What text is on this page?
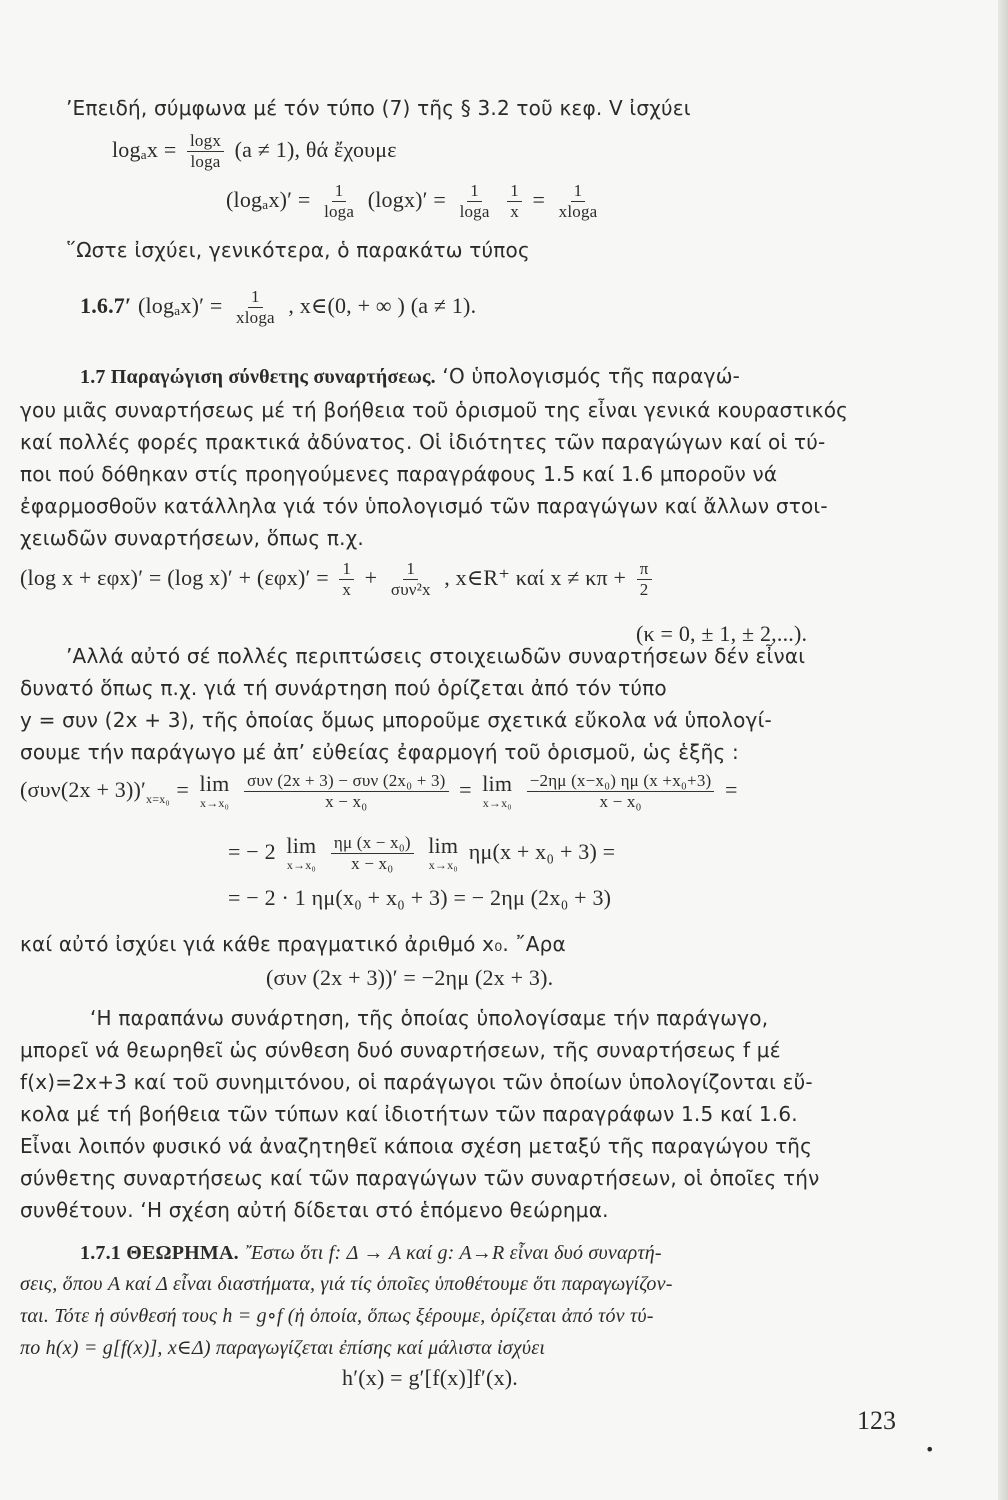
’Επειδή, σύμφωνα μέ τόν τύπο (7) τῆς § 3.2 τοῦ κεφ. V ἰσχύει
$\log_ax = \frac{\log x}{\log a} (a \ne 1)$, θά ἔχουμε
$(\log_ax)' = \frac{1}{\log a} (\log x)' = \frac{1}{\log a}$
$\frac{1}{x} = \frac{1}{xloga}$
῞Ωστε ἰσχύει, γενικότερα, ὁ παρακάτω τύπος
1.6.7′ $(\log_ax)' = \frac{1}{xloga}$ , x∈(0, + ∞ ) (a ≠ 1).
1.7 Παραγώγιση σύνθετης συναρτήσεως. ‘Ο ὑπολογισμός τῆς παραγώ-
γου μιᾶς συναρτήσεως μέ τή βοήθεια τοῦ ὁρισμοῦ της εἶναι γενικά κουραστικός
καί πολλές φορές πρακτικά ἀδύνατος. Οἱ ἰδιότητες τῶν παραγώγων καί οἱ τύ-
ποι πού δόθηκαν στίς προηγούμενες παραγράφους 1.5 καί 1.6 μποροῦν νά
ἐφαρμοσθοῦν κατάλληλα γιά τόν ὑπολογισμό τῶν παραγώγων καί ἄλλων στοι-
χειωδῶν συναρτήσεων, ὅπως π.χ.
(log x + εφx)′ = (log $x)' + (\varepsilon\varphi x)' = \frac{1}{x} + \frac{1}{\text{συν²x}}$ , x∈R⁺ καί $x \ne \kappa\pi + \frac{\pi}{2}$
(κ = 0, ± 1, ± 2,...).
’Αλλά αὐτό σέ πολλές περιπτώσεις στοιχειωδῶν συναρτήσεων δέν εἶναι
δυνατό ὅπως π.χ. γιά τή συνάρτηση πού ὁρίζεται ἀπό τόν τύπο
y = συν (2x + 3), τῆς ὁποίας ὅμως μποροῦμε σχετικά εὔκολα νά ὑπολογί-
σουμε τήν παράγωγο μέ ἀπ’ εὐθείας ἐφαρμογή τοῦ ὁρισμοῦ, ὡς ἑξῆς :
$(\sigma\upsilon\nu(2x + 3))'_{x=x_0} = \lim$
x→x₀
$\frac{\text{συν (2x + 3) − συν (2x₀ + 3)}}{\text{x − x₀}} = \lim$
x→x₀
$\frac{\text{−2ημ (x−x₀) ημ (x +x₀+3)}}{\text{x − x₀}}$ =
= − 2 lim
x→x₀
$\frac{\text{ημ (x − x₀)}}{\text{x − x₀}}$
lim
x→x₀
ημ(x + x₀ + 3) =
= − 2 · 1 ημ(x₀ + x₀ + 3) = − 2ημ (2x₀ + 3)
καί αὐτό ἰσχύει γιά κάθε πραγματικό ἀριθμό x₀. ῎Αρα
(συν (2x + 3))′ = −2ημ (2x + 3).
‘Η παραπάνω συνάρτηση, τῆς ὁποίας ὑπολογίσαμε τήν παράγωγο,
μπορεῖ νά θεωρηθεῖ ὡς σύνθεση δυό συναρτήσεων, τῆς συναρτήσεως f μέ
f(x)=2x+3 καί τοῦ συνημιτόνου, οἱ παράγωγοι τῶν ὁποίων ὑπολογίζονται εὔ-
κολα μέ τή βοήθεια τῶν τύπων καί ἰδιοτήτων τῶν παραγράφων 1.5 καί 1.6.
Εἶναι λοιπόν φυσικό νά ἀναζητηθεῖ κάποια σχέση μεταξύ τῆς παραγώγου τῆς
σύνθετης συναρτήσεως καί τῶν παραγώγων τῶν συναρτήσεων, οἱ ὁποῖες τήν
συνθέτουν. ‘Η σχέση αὐτή δίδεται στό ἑπόμενο θεώρημα.
1.7.1 ΘΕΩΡΗΜΑ. ῎Εστω ὅτι f: Δ → A καί g: A→R εἶναι δυό συναρτή-
σεις, ὅπου A καί Δ εἶναι διαστήματα, γιά τίς ὁποῖες ὑποθέτουμε ὅτι παραγωγίζον-
ται. Τότε ἡ σύνθεσή τους h = g∘f (ἡ ὁποία, ὅπως ξέρουμε, ὁρίζεται ἀπό τόν τύ-
πο h(x) = g[f(x)], x∈Δ) παραγωγίζεται ἐπίσης καί μάλιστα ἰσχύει
h′(x) = g′[f(x)]f′(x).
123
•
